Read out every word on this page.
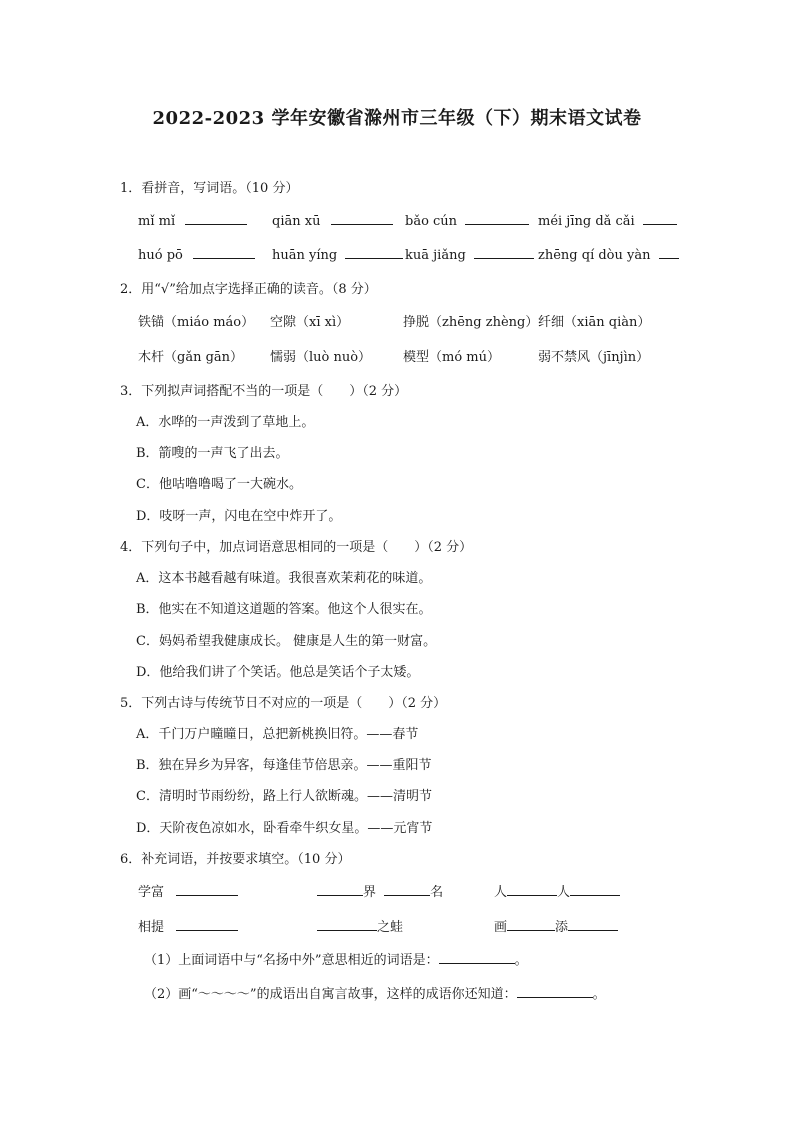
2022-2023 学年安徽省滁州市三年级（下）期末语文试卷
1．看拼音，写词语。（10 分）
mǐ mǐ	qiān xū	bǎo cún	méi jīng dǎ cǎi
huó pō	huān yíng	kuā jiǎng	zhēng qí dòu yàn
2．用“√”给加点字选择正确的读音。（8 分）
铁锚（miáo máo） 空隙（xī xì）	挣脱（zhēng zhèng） 纤细（xiān qiàn）
木杆（gǎn gān） 懦弱（luò nuò） 模型（mó mú）	弱不禁风（jīnjìn）
3．下列拟声词搭配不当的一项是（　　）（2 分）
A．水哗的一声泼到了草地上。
B．箭嗖的一声飞了出去。
C．他咕噜噜喝了一大碗水。
D．吱呀一声，闪电在空中炸开了。
4．下列句子中，加点词语意思相同的一项是（　　）（2 分）
A．这本书越看越有味道。我很喜欢茉莉花的味道。
B．他实在不知道这道题的答案。他这个人很实在。
C．妈妈希望我健康成长。 健康是人生的第一财富。
D．他给我们讲了个笑话。他总是笑话个子太矮。
5．下列古诗与传统节日不对应的一项是（　　）（2 分）
A．千门万户曈曈日，总把新桃换旧符。——春节
B．独在异乡为异客，每逢佳节倍思亲。——重阳节
C．清明时节雨纷纷，路上行人欲断魂。——清明节
D．天阶夜色凉如水，卧看牵牛织女星。——元宵节
6．补充词语，并按要求填空。（10 分）
学富	界	名	人	人
相提	之蛙	画	添
（1）上面词语中与“名扬中外”意思相近的词语是：	。
（2）画“～～～～”的成语出自寓言故事，这样的成语你还知道：	。
